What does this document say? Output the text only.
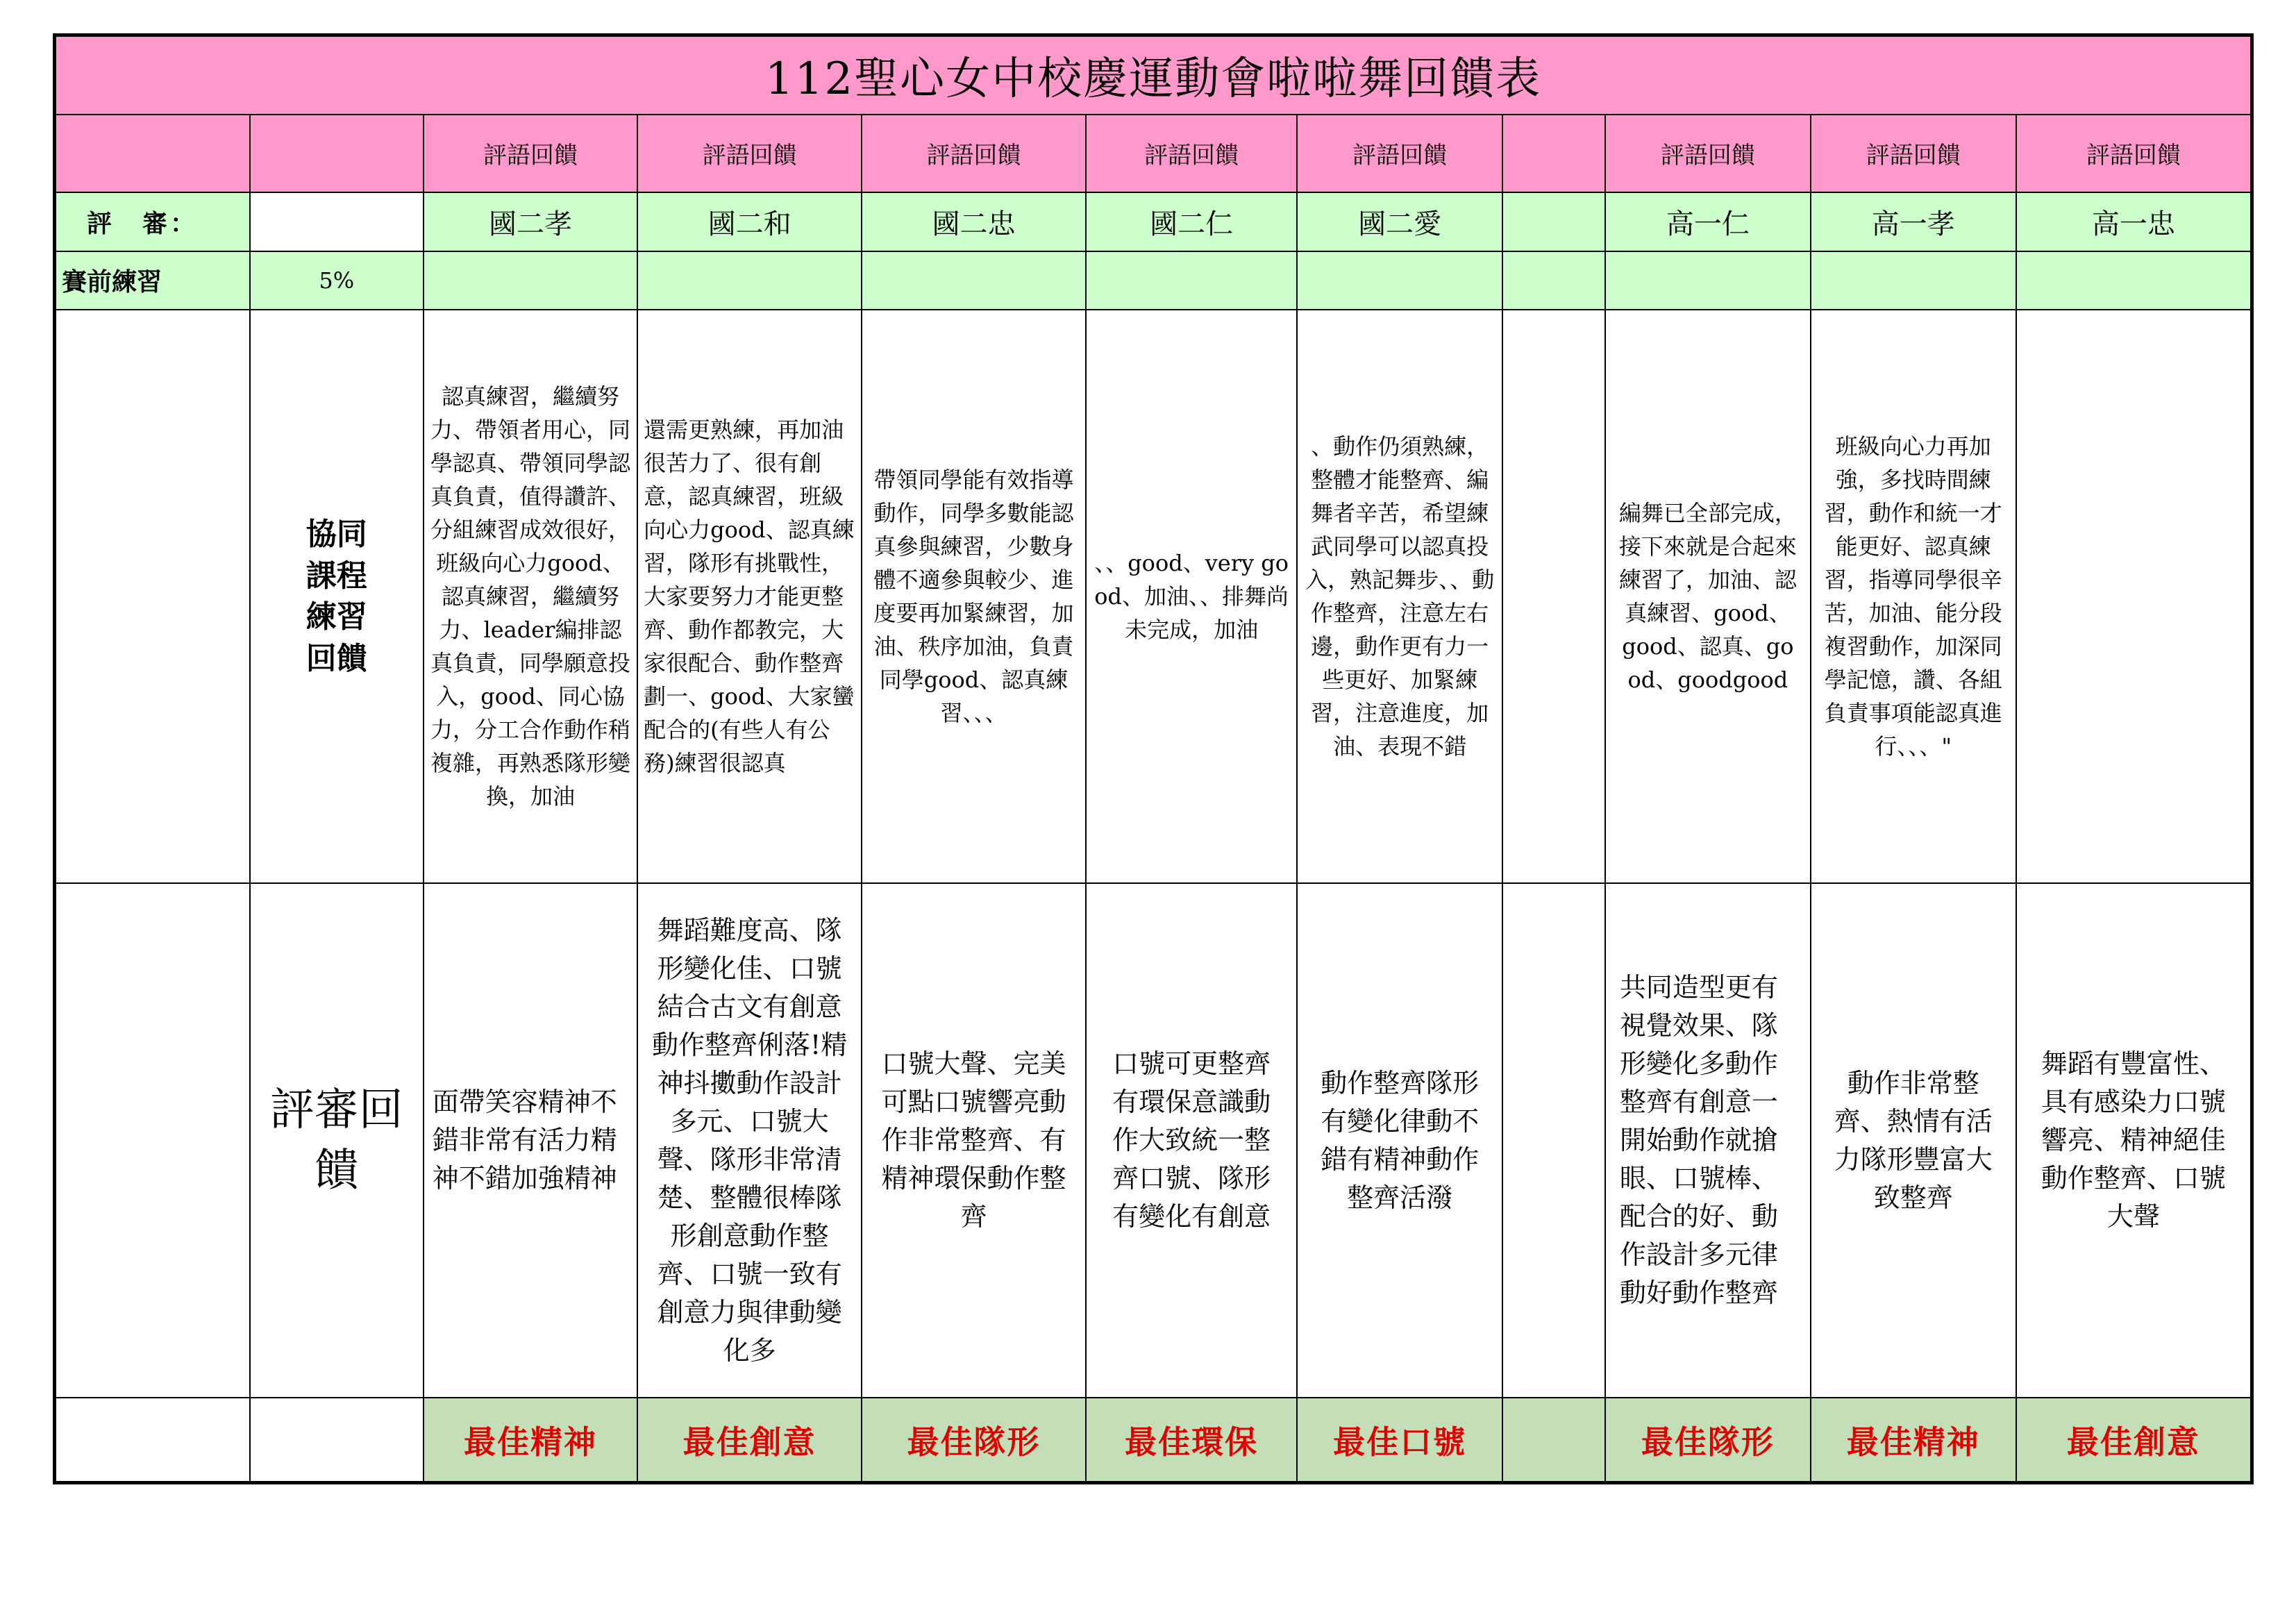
112聖心女中校慶運動會啦啦舞回饋表										
		評語回饋	評語回饋	評語回饋	評語回饋	評語回饋		評語回饋	評語回饋	評語回饋
評　審：		國二孝	國二和	國二忠	國二仁	國二愛		高一仁	高一孝	高一忠
賽前練習	5%									
	協同課程練習回饋	認真練習，繼續努力、帶領者用心，同學認真、帶領同學認真負責，值得讚許、分組練習成效很好，班級向心力good、認真練習，繼續努力、leader編排認真負責，同學願意投入，good、同心協力，分工合作動作稍複雜，再熟悉隊形變換，加油	還需更熟練，再加油很苦力了、很有創意，認真練習，班級向心力good、認真練習，隊形有挑戰性，大家要努力才能更整齊、動作都教完，大家很配合、動作整齊劃一、good、大家蠻配合的(有些人有公務)練習很認真	帶領同學能有效指導動作，同學多數能認真參與練習，少數身體不適參與較少、進度要再加緊練習，加油、秩序加油，負責同學good、認真練習、、、	、、good、very good、加油、、排舞尚未完成，加油	、動作仍須熟練，整體才能整齊、編舞者辛苦，希望練武同學可以認真投入，熟記舞步、、動作整齊，注意左右邊，動作更有力一些更好、加緊練習，注意進度，加油、表現不錯		編舞已全部完成，接下來就是合起來練習了，加油、認真練習、good、good、認真、good、goodgood	班級向心力再加強，多找時間練習，動作和統一才能更好、認真練習，指導同學很辛苦，加油、能分段複習動作，加深同學記憶，讚、各組負責事項能認真進行、、、"	
	評審回饋	面帶笑容精神不錯非常有活力精神不錯加強精神	舞蹈難度高、隊形變化佳、口號結合古文有創意動作整齊俐落!精神抖擻動作設計多元、口號大聲、隊形非常清楚、整體很棒隊形創意動作整齊、口號一致有創意力與律動變化多	口號大聲、完美可點口號響亮動作非常整齊、有精神環保動作整齊	口號可更整齊有環保意識動作大致統一整齊口號、隊形有變化有創意	動作整齊隊形有變化律動不錯有精神動作整齊活潑		共同造型更有視覺效果、隊形變化多動作整齊有創意一開始動作就搶眼、口號棒、配合的好、動作設計多元律動好動作整齊	動作非常整齊、熱情有活力隊形豐富大致整齊	舞蹈有豐富性、具有感染力口號響亮、精神絕佳動作整齊、口號大聲
		最佳精神	最佳創意	最佳隊形	最佳環保	最佳口號		最佳隊形	最佳精神	最佳創意
